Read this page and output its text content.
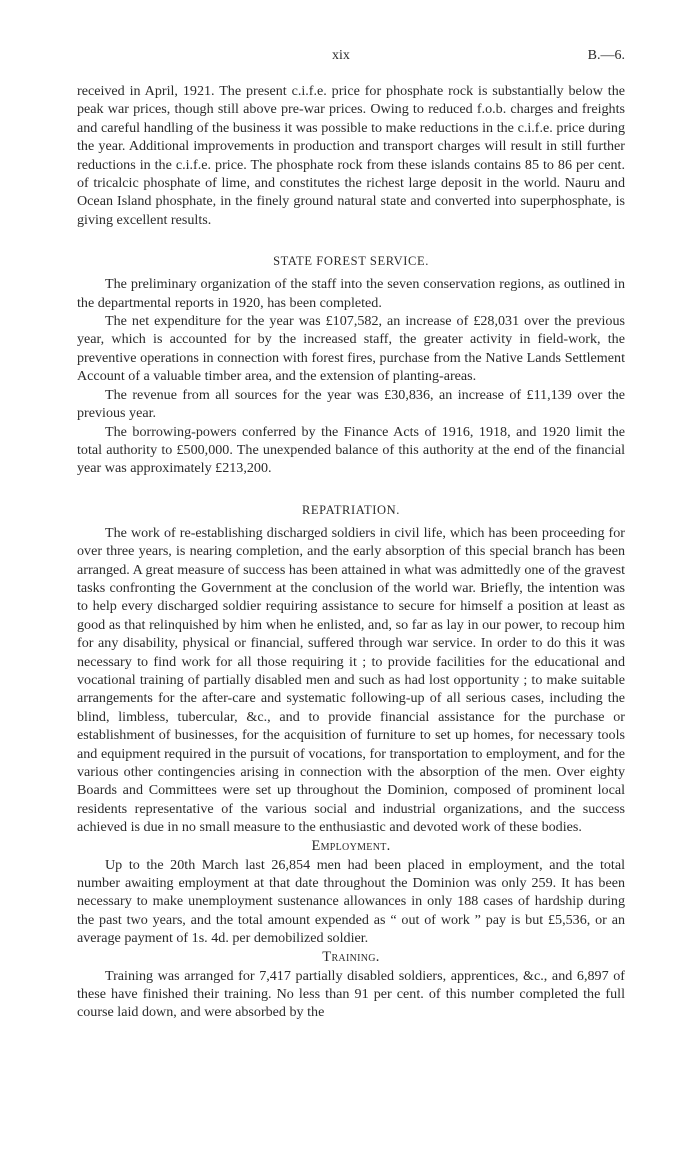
xix	B.—6.

received in April, 1921. The present c.i.f.e. price for phosphate rock is substantially below the peak war prices, though still above pre-war prices. Owing to reduced f.o.b. charges and freights and careful handling of the business it was possible to make reductions in the c.i.f.e. price during the year. Additional improvements in production and transport charges will result in still further reductions in the c.i.f.e. price. The phosphate rock from these islands contains 85 to 86 per cent. of tricalcic phosphate of lime, and constitutes the richest large deposit in the world. Nauru and Ocean Island phosphate, in the finely ground natural state and converted into superphosphate, is giving excellent results.

STATE FOREST SERVICE.

The preliminary organization of the staff into the seven conservation regions, as outlined in the departmental reports in 1920, has been completed.

The net expenditure for the year was £107,582, an increase of £28,031 over the previous year, which is accounted for by the increased staff, the greater activity in field-work, the preventive operations in connection with forest fires, purchase from the Native Lands Settlement Account of a valuable timber area, and the extension of planting-areas.

The revenue from all sources for the year was £30,836, an increase of £11,139 over the previous year.

The borrowing-powers conferred by the Finance Acts of 1916, 1918, and 1920 limit the total authority to £500,000. The unexpended balance of this authority at the end of the financial year was approximately £213,200.

REPATRIATION.

The work of re-establishing discharged soldiers in civil life, which has been proceeding for over three years, is nearing completion, and the early absorption of this special branch has been arranged. A great measure of success has been attained in what was admittedly one of the gravest tasks confronting the Government at the conclusion of the world war. Briefly, the intention was to help every discharged soldier requiring assistance to secure for himself a position at least as good as that relinquished by him when he enlisted, and, so far as lay in our power, to recoup him for any disability, physical or financial, suffered through war service. In order to do this it was necessary to find work for all those requiring it ; to provide facilities for the educational and vocational training of partially disabled men and such as had lost opportunity ; to make suitable arrangements for the after-care and systematic following-up of all serious cases, including the blind, limbless, tubercular, &c., and to provide financial assistance for the purchase or establishment of businesses, for the acquisition of furniture to set up homes, for necessary tools and equipment required in the pursuit of vocations, for transportation to employment, and for the various other contingencies arising in connection with the absorption of the men. Over eighty Boards and Committees were set up throughout the Dominion, composed of prominent local residents representative of the various social and industrial organizations, and the success achieved is due in no small measure to the enthusiastic and devoted work of these bodies.

Employment.

Up to the 20th March last 26,854 men had been placed in employment, and the total number awaiting employment at that date throughout the Dominion was only 259. It has been necessary to make unemployment sustenance allowances in only 188 cases of hardship during the past two years, and the total amount expended as “ out of work ” pay is but £5,536, or an average payment of 1s. 4d. per demobilized soldier.

Training.

Training was arranged for 7,417 partially disabled soldiers, apprentices, &c., and 6,897 of these have finished their training. No less than 91 per cent. of this number completed the full course laid down, and were absorbed by the
